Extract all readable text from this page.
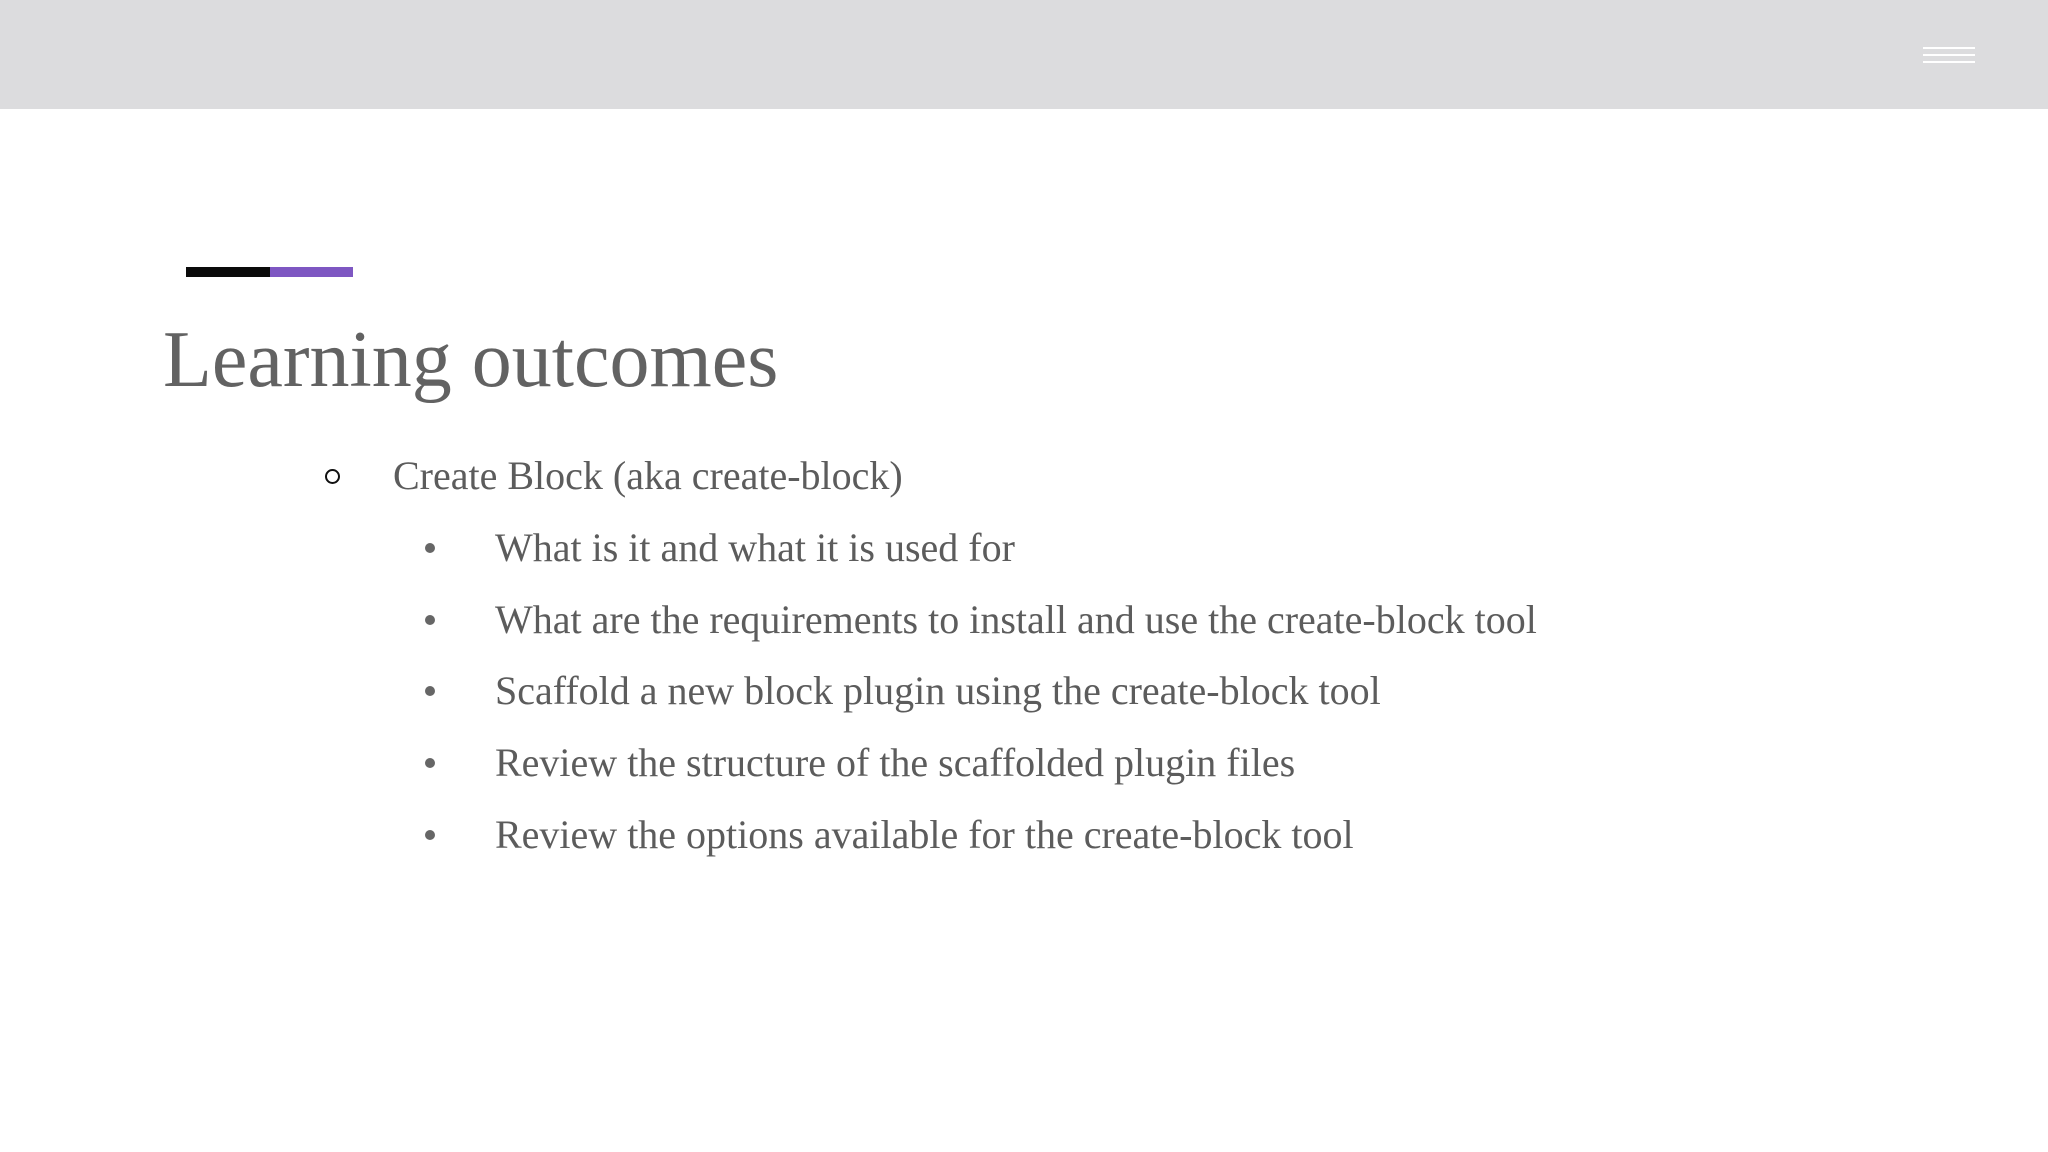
Learning outcomes
Create Block (aka create-block)
What is it and what it is used for
What are the requirements to install and use the create-block tool
Scaffold a new block plugin using the create-block tool
Review the structure of the scaffolded plugin files
Review the options available for the create-block tool
